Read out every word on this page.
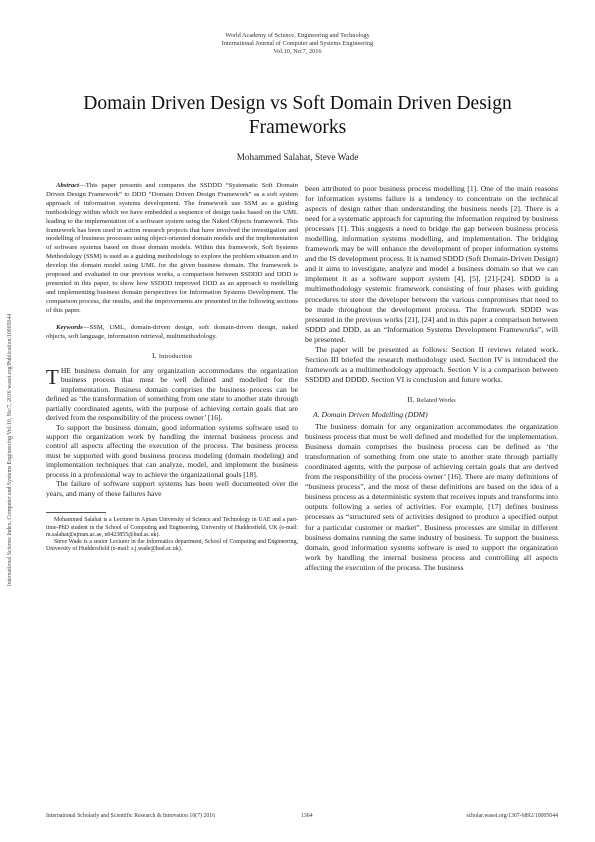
World Academy of Science, Engineering and Technology
International Journal of Computer and Systems Engineering
Vol:10, No:7, 2016
Domain Driven Design vs Soft Domain Driven Design Frameworks
Mohammed Salahat, Steve Wade
International Science Index, Computer and Systems Engineering Vol:10, No:7, 2016 waset.org/Publication/10005044

Abstract—This paper presents and compares the SSDDD “Systematic Soft Domain Driven Design Framework” to DDD “Domain Driven Design Framework” as a soft system approach of information systems development. The framework use SSM as a guiding methodology within which we have embedded a sequence of design tasks based on the UML leading to the implementation of a software system using the Naked Objects framework. This framework has been used in action research projects that have involved the investigation and modelling of business processes using object-oriented domain models and the implementation of software systems based on those domain models. Within this framework, Soft Systems Methodology (SSM) is used as a guiding methodology to explore the problem situation and to develop the domain model using UML for the given business domain. The framework is proposed and evaluated in our previous works, a comparison between SSDDD and DDD is presented in this paper, to show how SSDDD improved DDD as an approach to modelling and implementing business domain perspectives for Information Systems Development. The comparison process, the results, and the improvements are presented in the following sections of this paper.

Keywords—SSM, UML, domain-driven design, soft domain-driven design, naked objects, soft language, information retrieval, multimethodology.

I. Introduction

THE business domain for any organization accommodates the organization business process that must be well defined and modelled for the implementation. Business domain comprises the business process can be defined as ‘the transformation of something from one state to another state through partially coordinated agents, with the purpose of achieving certain goals that are derived from the responsibility of the process owner’ [16].

To support the business domain, good information systems software used to support the organization work by handling the internal business process and control all aspects affecting the execution of the process. The business process must be supported with good business process modeling (domain modeling) and implementation techniques that can analyze, model, and implement the business process in a professional way to achieve the organizational goals [18].

The failure of software support systems has been well documented over the years, and many of these failures have

Mohammed Salahat is a Lecturer in Ajman University of Science and Technology in UAE and a part-time-PhD student in the School of Computing and Engineering, University of Huddersfield, UK (e-mail: m.salahat@ajman.ac.ae, u0423855@hud.ac.uk).

Steve Wade is a senior Lecturer in the Informatics department, School of Computing and Engineering, University of Huddersfield (e-mail: s.j.wade@hud.ac.uk).

been attributed to poor business process modelling [1]. One of the main reasons for information systems failure is a tendency to concentrate on the technical aspects of design rather than understanding the business needs [2]. There is a need for a systematic approach for capturing the information required by business processes [1]. This suggests a need to bridge the gap between business process modelling, information systems modelling, and implementation. The bridging framework may be will enhance the development of proper information systems and the IS development process. It is named SDDD (Soft Domain-Driven Design) and it aims to investigate, analyze and model a business domain so that we can implement it as a software support system [4], [5], [21]-[24]. SDDD is a multimethodology systemic framework consisting of four phases with guiding procedures to steer the developer between the various compromises that need to be made throughout the development process. The framework SDDD was presented in the previous works [21], [24] and in this paper a comparison between SDDD and DDD, as an “Information Systems Development Frameworks”, will be presented.

The paper will be presented as follows: Section II reviews related work. Section III briefed the research methodology used. Section IV is introduced the framework as a multimethodology approach. Section V is a comparison between SSDDD and DDDD. Section VI is conclusion and future works.

II. Related Works

A. Domain Driven Modelling (DDM)

The business domain for any organization accommodates the organization business process that must be well defined and modelled for the implementation. Business domain comprises the business process can be defined as ‘the transformation of something from one state to another state through partially coordinated agents, with the purpose of achieving certain goals that are derived from the responsibility of the process owner’ [16]. There are many definitions of “business process”, and the most of these definitions are based on the idea of a business process as a deterministic system that receives inputs and transforms into outputs following a series of activities. For example, [17] defines business processes as “structured sets of activities designed to produce a specified output for a particular customer or market”. Business processes are similar in different business domains running the same industry of business. To support the business domain, good information systems software is used to support the organization work by handling the internal business process and controlling all aspects affecting the execution of the process. The business

International Scholarly and Scientific Research & Innovation 10(7) 2016	1364	scholar.waset.org/1307-6892/10005044
